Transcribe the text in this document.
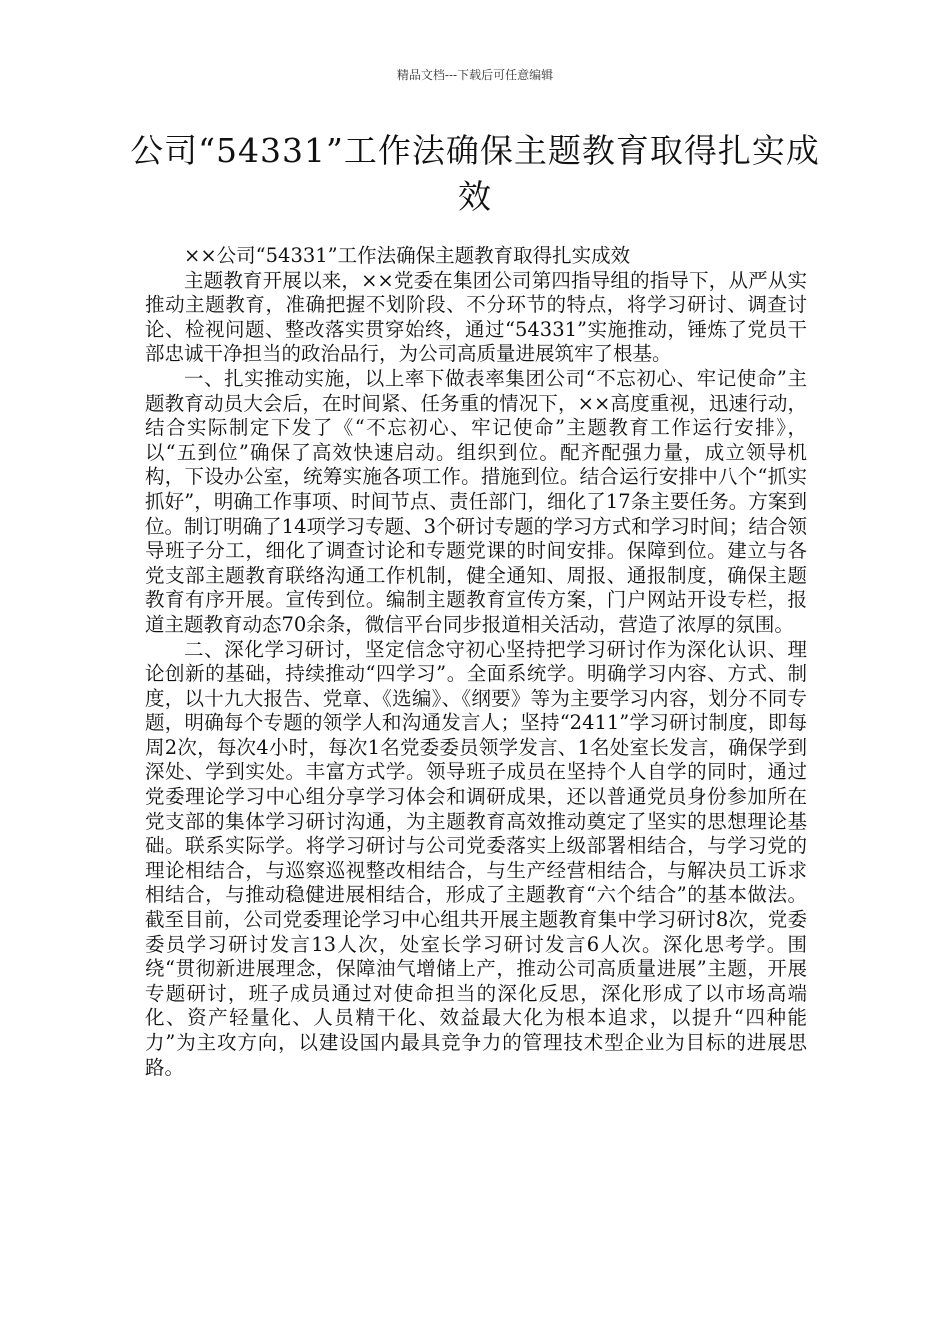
精品文档---下载后可任意编辑
公司“54331”工作法确保主题教育取得扎实成效

××公司“54331”工作法确保主题教育取得扎实成效

主题教育开展以来，××党委在集团公司第四指导组的指导下，从严从实推动主题教育，准确把握不划阶段、不分环节的特点，将学习研讨、调查讨论、检视问题、整改落实贯穿始终，通过“54331”实施推动，锤炼了党员干部忠诚干净担当的政治品行，为公司高质量进展筑牢了根基。

一、扎实推动实施，以上率下做表率集团公司“不忘初心、牢记使命”主题教育动员大会后，在时间紧、任务重的情况下，××高度重视，迅速行动，结合实际制定下发了《“不忘初心、牢记使命”主题教育工作运行安排》，以“五到位”确保了高效快速启动。组织到位。配齐配强力量，成立领导机构，下设办公室，统筹实施各项工作。措施到位。结合运行安排中八个“抓实抓好”，明确工作事项、时间节点、责任部门，细化了17条主要任务。方案到位。制订明确了14项学习专题、3个研讨专题的学习方式和学习时间；结合领导班子分工，细化了调查讨论和专题党课的时间安排。保障到位。建立与各党支部主题教育联络沟通工作机制，健全通知、周报、通报制度，确保主题教育有序开展。宣传到位。编制主题教育宣传方案，门户网站开设专栏，报道主题教育动态70余条，微信平台同步报道相关活动，营造了浓厚的氛围。

二、深化学习研讨，坚定信念守初心坚持把学习研讨作为深化认识、理论创新的基础，持续推动“四学习”。全面系统学。明确学习内容、方式、制度，以十九大报告、党章、《选编》、《纲要》等为主要学习内容，划分不同专题，明确每个专题的领学人和沟通发言人；坚持“2411”学习研讨制度，即每周2次，每次4小时，每次1名党委委员领学发言、1名处室长发言，确保学到深处、学到实处。丰富方式学。领导班子成员在坚持个人自学的同时，通过党委理论学习中心组分享学习体会和调研成果，还以普通党员身份参加所在党支部的集体学习研讨沟通，为主题教育高效推动奠定了坚实的思想理论基础。联系实际学。将学习研讨与公司党委落实上级部署相结合，与学习党的理论相结合，与巡察巡视整改相结合，与生产经营相结合，与解决员工诉求相结合，与推动稳健进展相结合，形成了主题教育“六个结合”的基本做法。截至目前，公司党委理论学习中心组共开展主题教育集中学习研讨8次，党委委员学习研讨发言13人次，处室长学习研讨发言6人次。深化思考学。围绕“贯彻新进展理念，保障油气增储上产，推动公司高质量进展”主题，开展专题研讨，班子成员通过对使命担当的深化反思，深化形成了以市场高端化、资产轻量化、人员精干化、效益最大化为根本追求，以提升“四种能力”为主攻方向，以建设国内最具竞争力的管理技术型企业为目标的进展思路。
